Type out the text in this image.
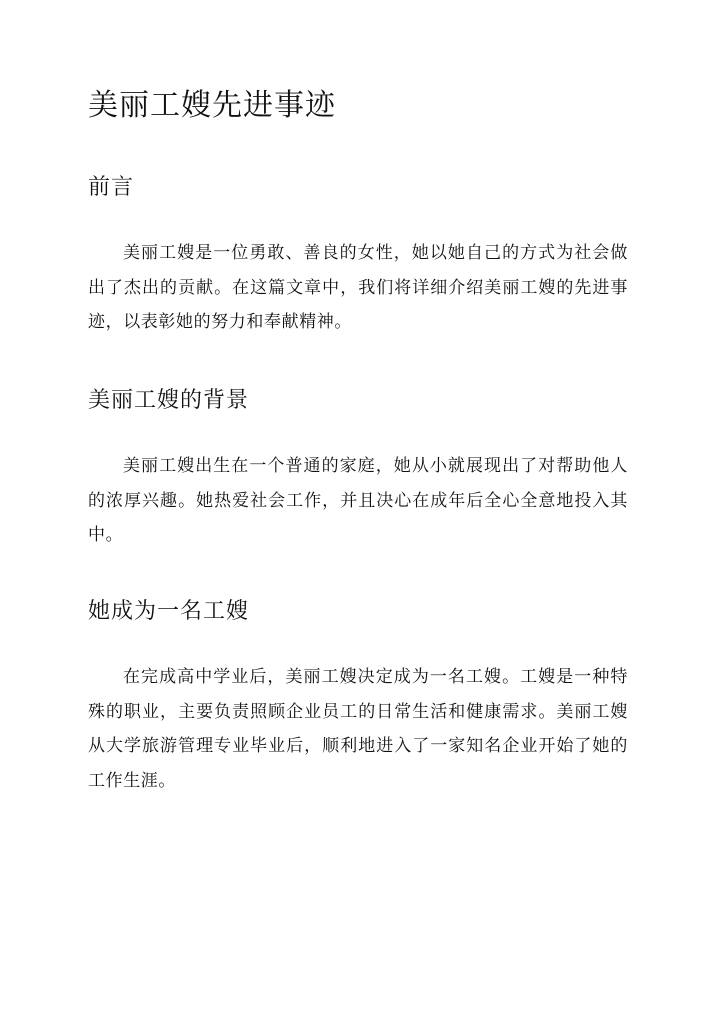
美丽工嫂先进事迹
前言

美丽工嫂是一位勇敢、善良的女性，她以她自己的方式为社会做出了杰出的贡献。在这篇文章中，我们将详细介绍美丽工嫂的先进事迹，以表彰她的努力和奉献精神。

美丽工嫂的背景

美丽工嫂出生在一个普通的家庭，她从小就展现出了对帮助他人的浓厚兴趣。她热爱社会工作，并且决心在成年后全心全意地投入其中。

她成为一名工嫂

在完成高中学业后，美丽工嫂决定成为一名工嫂。工嫂是一种特殊的职业，主要负责照顾企业员工的日常生活和健康需求。美丽工嫂从大学旅游管理专业毕业后，顺利地进入了一家知名企业开始了她的工作生涯。
